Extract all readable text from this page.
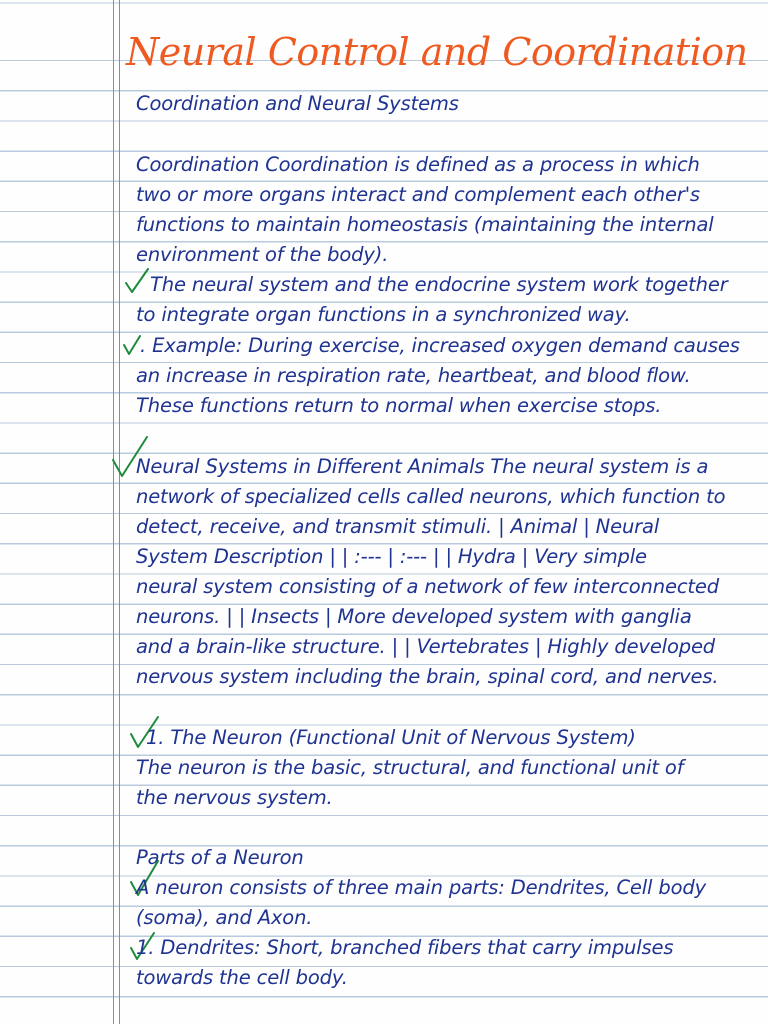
Neural Control and Coordination
Coordination and Neural Systems
Coordination Coordination is defined as a process in which
two or more organs interact and complement each other's
functions to maintain homeostasis (maintaining the internal
environment of the body).
The neural system and the endocrine system work together
to integrate organ functions in a synchronized way.
. Example: During exercise, increased oxygen demand causes
an increase in respiration rate, heartbeat, and blood flow.
These functions return to normal when exercise stops.
Neural Systems in Different Animals The neural system is a
network of specialized cells called neurons, which function to
detect, receive, and transmit stimuli. | Animal | Neural
System Description | | :--- | :--- | | Hydra | Very simple
neural system consisting of a network of few interconnected
neurons. | | Insects | More developed system with ganglia
and a brain-like structure. | | Vertebrates | Highly developed
nervous system including the brain, spinal cord, and nerves.
1. The Neuron (Functional Unit of Nervous System)
The neuron is the basic, structural, and functional unit of
the nervous system.
Parts of a Neuron
A neuron consists of three main parts: Dendrites, Cell body
(soma), and Axon.
1. Dendrites: Short, branched fibers that carry impulses
towards the cell body.
